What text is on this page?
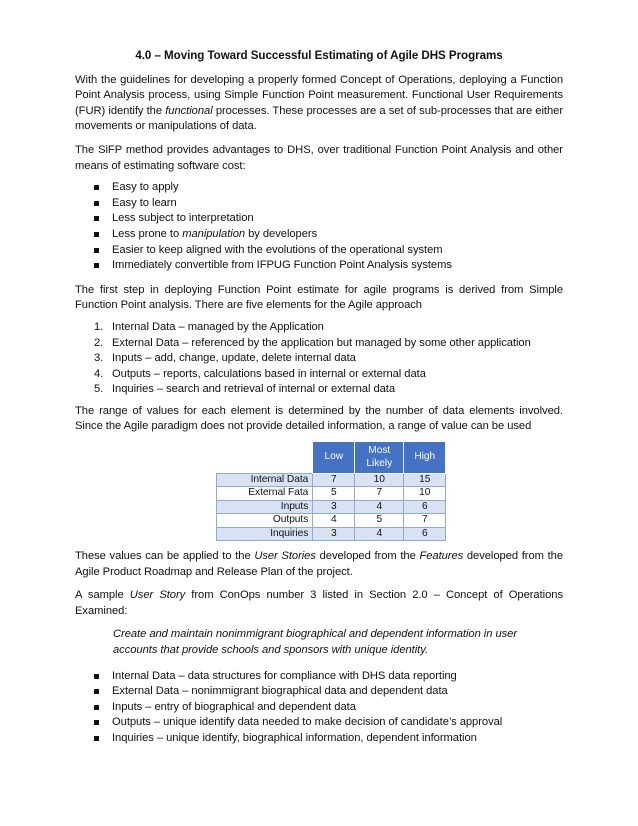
4.0 – Moving Toward Successful Estimating of Agile DHS Programs

With the guidelines for developing a properly formed Concept of Operations, deploying a Function Point Analysis process, using Simple Function Point measurement. Functional User Requirements (FUR) identify the functional processes. These processes are a set of sub-processes that are either movements or manipulations of data.

The SiFP method provides advantages to DHS, over traditional Function Point Analysis and other means of estimating software cost:

Easy to apply
Easy to learn
Less subject to interpretation
Less prone to manipulation by developers
Easier to keep aligned with the evolutions of the operational system
Immediately convertible from IFPUG Function Point Analysis systems

The first step in deploying Function Point estimate for agile programs is derived from Simple Function Point analysis. There are five elements for the Agile approach

1. Internal Data – managed by the Application
2. External Data – referenced by the application but managed by some other application
3. Inputs – add, change, update, delete internal data
4. Outputs – reports, calculations based in internal or external data
5. Inquiries – search and retrieval of internal or external data

The range of values for each element is determined by the number of data elements involved. Since the Agile paradigm does not provide detailed information, a range of value can be used

	Low	Most Likely	High
Internal Data	7	10	15
External Fata	5	7	10
Inputs	3	4	6
Outputs	4	5	7
Inquiries	3	4	6

These values can be applied to the User Stories developed from the Features developed from the Agile Product Roadmap and Release Plan of the project.

A sample User Story from ConOps number 3 listed in Section 2.0 – Concept of Operations Examined:

Create and maintain nonimmigrant biographical and dependent information in user accounts that provide schools and sponsors with unique identity.
Internal Data – data structures for compliance with DHS data reporting
External Data – nonimmigrant biographical data and dependent data
Inputs – entry of biographical and dependent data
Outputs – unique identify data needed to make decision of candidate’s approval
Inquiries – unique identify, biographical information, dependent information
